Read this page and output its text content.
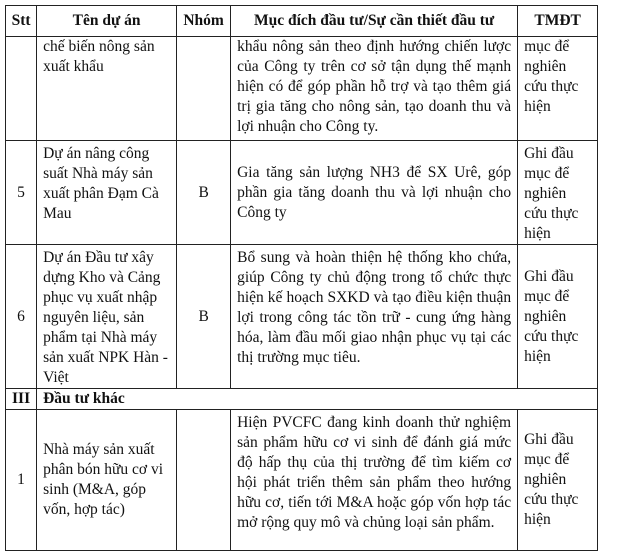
Stt	Tên dự án	Nhóm	Mục đích đầu tư/Sự cần thiết đầu tư	TMĐT
	chế biến nông sản xuất khẩu		khẩu nông sản theo định hướng chiến lược của Công ty trên cơ sở tận dụng thế mạnh hiện có để góp phần hỗ trợ và tạo thêm giá trị gia tăng cho nông sản, tạo doanh thu và lợi nhuận cho Công ty.	mục để nghiên cứu thực hiện
5	Dự án nâng công suất Nhà máy sản xuất phân Đạm Cà Mau	B	Gia tăng sản lượng NH3 để SX Urê, góp phần gia tăng doanh thu và lợi nhuận cho Công ty	Ghi đầu mục để nghiên cứu thực hiện
6	Dự án Đầu tư xây dựng Kho và Cảng phục vụ xuất nhập nguyên liệu, sản phẩm tại Nhà máy sản xuất NPK Hàn - Việt	B	Bổ sung và hoàn thiện hệ thống kho chứa, giúp Công ty chủ động trong tổ chức thực hiện kế hoạch SXKD và tạo điều kiện thuận lợi trong công tác tồn trữ - cung ứng hàng hóa, làm đầu mối giao nhận phục vụ tại các thị trường mục tiêu.	Ghi đầu mục để nghiên cứu thực hiện
III	Đầu tư khác			
1	Nhà máy sản xuất phân bón hữu cơ vi sinh (M&A, góp vốn, hợp tác)		Hiện PVCFC đang kinh doanh thử nghiệm sản phẩm hữu cơ vi sinh để đánh giá mức độ hấp thụ của thị trường để tìm kiếm cơ hội phát triển thêm sản phẩm theo hướng hữu cơ, tiến tới M&A hoặc góp vốn hợp tác mở rộng quy mô và chủng loại sản phẩm.	Ghi đầu mục để nghiên cứu thực hiện
